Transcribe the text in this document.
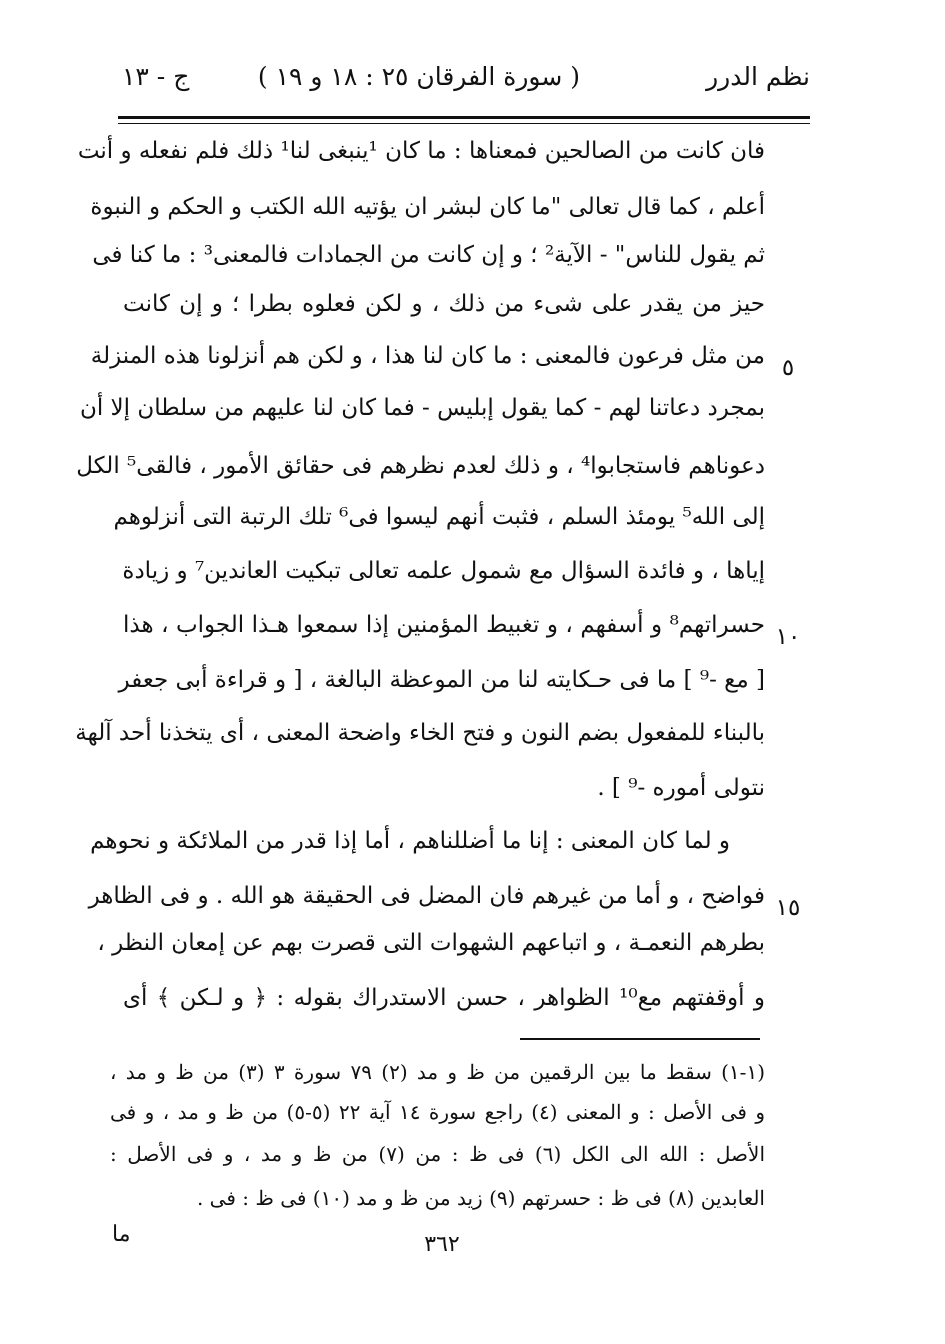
نظم الدرر
( سورة الفرقان ٢٥ : ١٨ و ١٩ )
ج - ١٣
فان كانت من الصالحين فمعناها : ما كان ¹ينبغى لنا¹ ذلك فلم نفعله و أنت
أعلم ، كما قال تعالى "ما كان لبشر ان يؤتيه الله الكتب و الحكم و النبوة
ثم يقول للناس" - الآية² ؛ و إن كانت من الجمادات فالمعنى³ : ما كنا فى
حيز من يقدر على شىء من ذلك ، و لكن فعلوه بطرا ؛ و إن كانت
من مثل فرعون فالمعنى : ما كان لنا هذا ، و لكن هم أنزلونا هذه المنزلة ٥
بمجرد دعاتنا لهم - كما يقول إبليس - فما كان لنا عليهم من سلطان إلا أن
دعوناهم فاستجابوا⁴ ، و ذلك لعدم نظرهم فى حقائق الأمور ، فالقى⁵ الكل
إلى الله⁵ يومئذ السلم ، فثبت أنهم ليسوا فى⁶ تلك الرتبة التى أنزلوهم
إياها ، و فائدة السؤال مع شمول علمه تعالى تبكيت العاندين⁷ و زيادة
حسراتهم⁸ و أسفهم ، و تغبيط المؤمنين إذا سمعوا هـذا الجواب ، هذا ١٠
[ مع -⁹ ] ما فى حـكايته لنا من الموعظة البالغة ، [ و قراءة أبى جعفر
بالبناء للمفعول بضم النون و فتح الخاء واضحة المعنى ، أى يتخذنا أحد آلهة
نتولى أموره -⁹ ] .
و لما كان المعنى : إنا ما أضللناهم ، أما إذا قدر من الملائكة و نحوهم
فواضح ، و أما من غيرهم فان المضل فى الحقيقة هو الله . و فى الظاهر ١٥
بطرهم النعمـة ، و اتباعهم الشهوات التى قصرت بهم عن إمعان النظر ،
و أوقفتهم مع¹⁰ الظواهر ، حسن الاستدراك بقوله : ﴿ و لـكن ﴾ أى
(١-١) سقط ما بين الرقمين من ظ و مد (٢) ٧٩ سورة ٣ (٣) من ظ و مد ،
و فى الأصل : و المعنى (٤) راجع سورة ١٤ آية ٢٢ (٥-٥) من ظ و مد ، و فى
الأصل : الله الى الكل (٦) فى ظ : من (٧) من ظ و مد ، و فى الأصل :
العابدين (٨) فى ظ : حسرتهم (٩) زيد من ظ و مد (١٠) فى ظ : فى .
ما	٣٦٢
